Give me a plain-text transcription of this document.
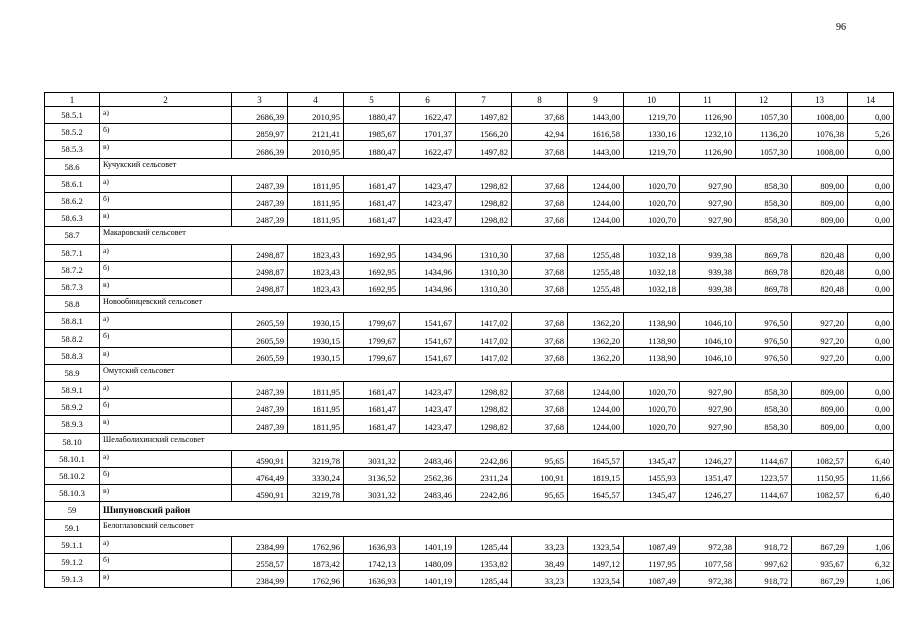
96
1	2	3	4	5	6	7	8	9	10	11	12	13	14
58.5.1	а)	2686,39	2010,95	1880,47	1622,47	1497,82	37,68	1443,00	1219,70	1126,90	1057,30	1008,00	0,00
58.5.2	б)	2859,97	2121,41	1985,67	1701,37	1566,20	42,94	1616,58	1330,16	1232,10	1136,20	1076,38	5,26
58.5.3	в)	2686,39	2010,95	1880,47	1622,47	1497,82	37,68	1443,00	1219,70	1126,90	1057,30	1008,00	0,00
58.6	Кучукский сельсовет												
58.6.1	а)	2487,39	1811,95	1681,47	1423,47	1298,82	37,68	1244,00	1020,70	927,90	858,30	809,00	0,00
58.6.2	б)	2487,39	1811,95	1681,47	1423,47	1298,82	37,68	1244,00	1020,70	927,90	858,30	809,00	0,00
58.6.3	в)	2487,39	1811,95	1681,47	1423,47	1298,82	37,68	1244,00	1020,70	927,90	858,30	809,00	0,00
58.7	Макаровский сельсовет												
58.7.1	а)	2498,87	1823,43	1692,95	1434,96	1310,30	37,68	1255,48	1032,18	939,38	869,78	820,48	0,00
58.7.2	б)	2498,87	1823,43	1692,95	1434,96	1310,30	37,68	1255,48	1032,18	939,38	869,78	820,48	0,00
58.7.3	в)	2498,87	1823,43	1692,95	1434,96	1310,30	37,68	1255,48	1032,18	939,38	869,78	820,48	0,00
58.8	Новообинцевский сельсовет												
58.8.1	а)	2605,59	1930,15	1799,67	1541,67	1417,02	37,68	1362,20	1138,90	1046,10	976,50	927,20	0,00
58.8.2	б)	2605,59	1930,15	1799,67	1541,67	1417,02	37,68	1362,20	1138,90	1046,10	976,50	927,20	0,00
58.8.3	в)	2605,59	1930,15	1799,67	1541,67	1417,02	37,68	1362,20	1138,90	1046,10	976,50	927,20	0,00
58.9	Омутский сельсовет												
58.9.1	а)	2487,39	1811,95	1681,47	1423,47	1298,82	37,68	1244,00	1020,70	927,90	858,30	809,00	0,00
58.9.2	б)	2487,39	1811,95	1681,47	1423,47	1298,82	37,68	1244,00	1020,70	927,90	858,30	809,00	0,00
58.9.3	в)	2487,39	1811,95	1681,47	1423,47	1298,82	37,68	1244,00	1020,70	927,90	858,30	809,00	0,00
58.10	Шелаболихинский сельсовет												
58.10.1	а)	4590,91	3219,78	3031,32	2483,46	2242,86	95,65	1645,57	1345,47	1246,27	1144,67	1082,57	6,40
58.10.2	б)	4764,49	3330,24	3136,52	2562,36	2311,24	100,91	1819,15	1455,93	1351,47	1223,57	1150,95	11,66
58.10.3	в)	4590,91	3219,78	3031,32	2483,46	2242,86	95,65	1645,57	1345,47	1246,27	1144,67	1082,57	6,40
59	Шипуновский район												
59.1	Белоглазовский сельсовет												
59.1.1	а)	2384,99	1762,96	1636,93	1401,19	1285,44	33,23	1323,54	1087,49	972,38	918,72	867,29	1,06
59.1.2	б)	2558,57	1873,42	1742,13	1480,09	1353,82	38,49	1497,12	1197,95	1077,58	997,62	935,67	6,32
59.1.3	в)	2384,99	1762,96	1636,93	1401,19	1285,44	33,23	1323,54	1087,49	972,38	918,72	867,29	1,06
